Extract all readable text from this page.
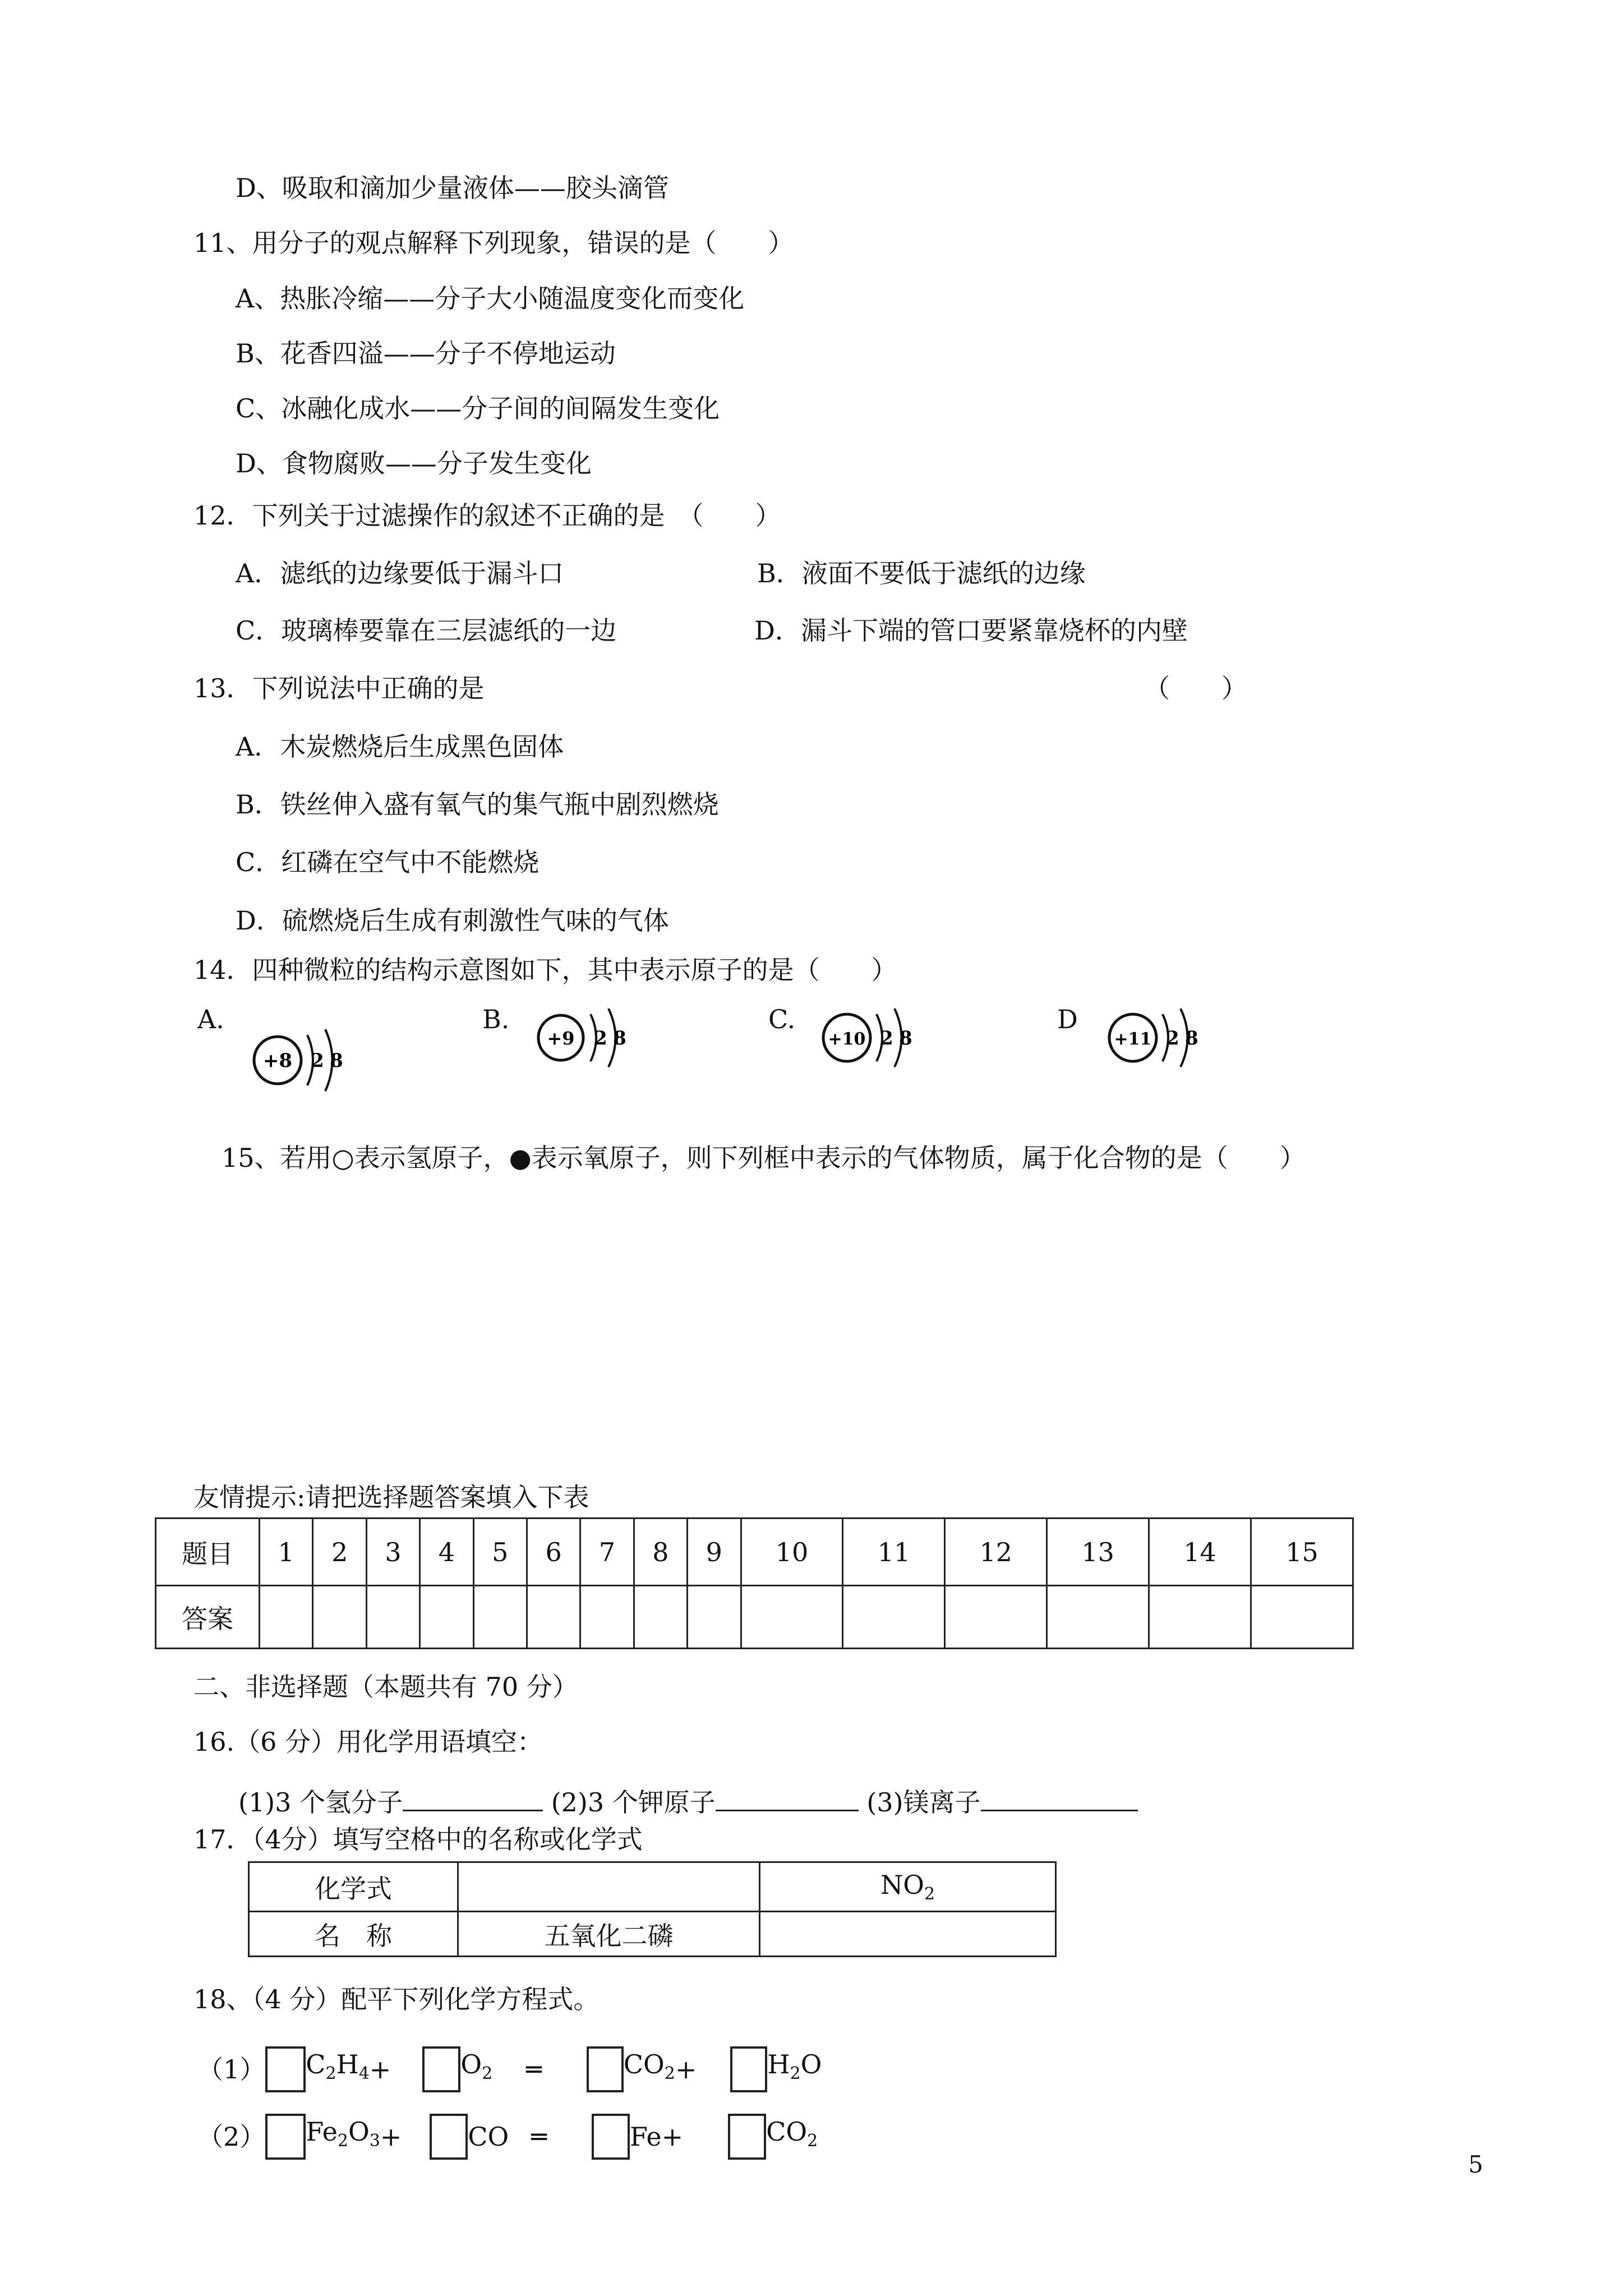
D、吸取和滴加少量液体——胶头滴管
11、用分子的观点解释下列现象，错误的是（　　）
A、热胀冷缩——分子大小随温度变化而变化
B、花香四溢——分子不停地运动
C、冰融化成水——分子间的间隔发生变化
D、食物腐败——分子发生变化
12．下列关于过滤操作的叙述不正确的是　（　　）
A．滤纸的边缘要低于漏斗口	B．液面不要低于滤纸的边缘
C．玻璃棒要靠在三层滤纸的一边	D．漏斗下端的管口要紧靠烧杯的内壁
13．下列说法中正确的是	（　　）
A．木炭燃烧后生成黑色固体
B．铁丝伸入盛有氧气的集气瓶中剧烈燃烧
C．红磷在空气中不能燃烧
D．硫燃烧后生成有刺激性气味的气体
14．四种微粒的结构示意图如下，其中表示原子的是（　　）
A.
+8 2 8
B.
+9 2 8
C.
+10 2 8
D
+11 2 8
15、若用○表示氢原子，●表示氧原子，则下列框中表示的气体物质，属于化合物的是（　　）
友情提示:请把选择题答案填入下表
题目	1	2	3	4	5	6	7	8	9	10	11	12	13	14	15
答案															
二、非选择题（本题共有 70 分）
16.（6 分）用化学用语填空：
(1)3 个氢分子	(2)3 个钾原子	(3)镁离子
17．（4分）填写空格中的名称或化学式
化学式		$NO_2$
名　称	五氧化二磷	
18、（4 分）配平下列化学方程式。
（1） $C_2H_4$ +	$O_2$ ═	$CO_2$ +	$H_2O$
（2） $Fe_2O_3$ +	CO ═	Fe +	$CO_2$
5
